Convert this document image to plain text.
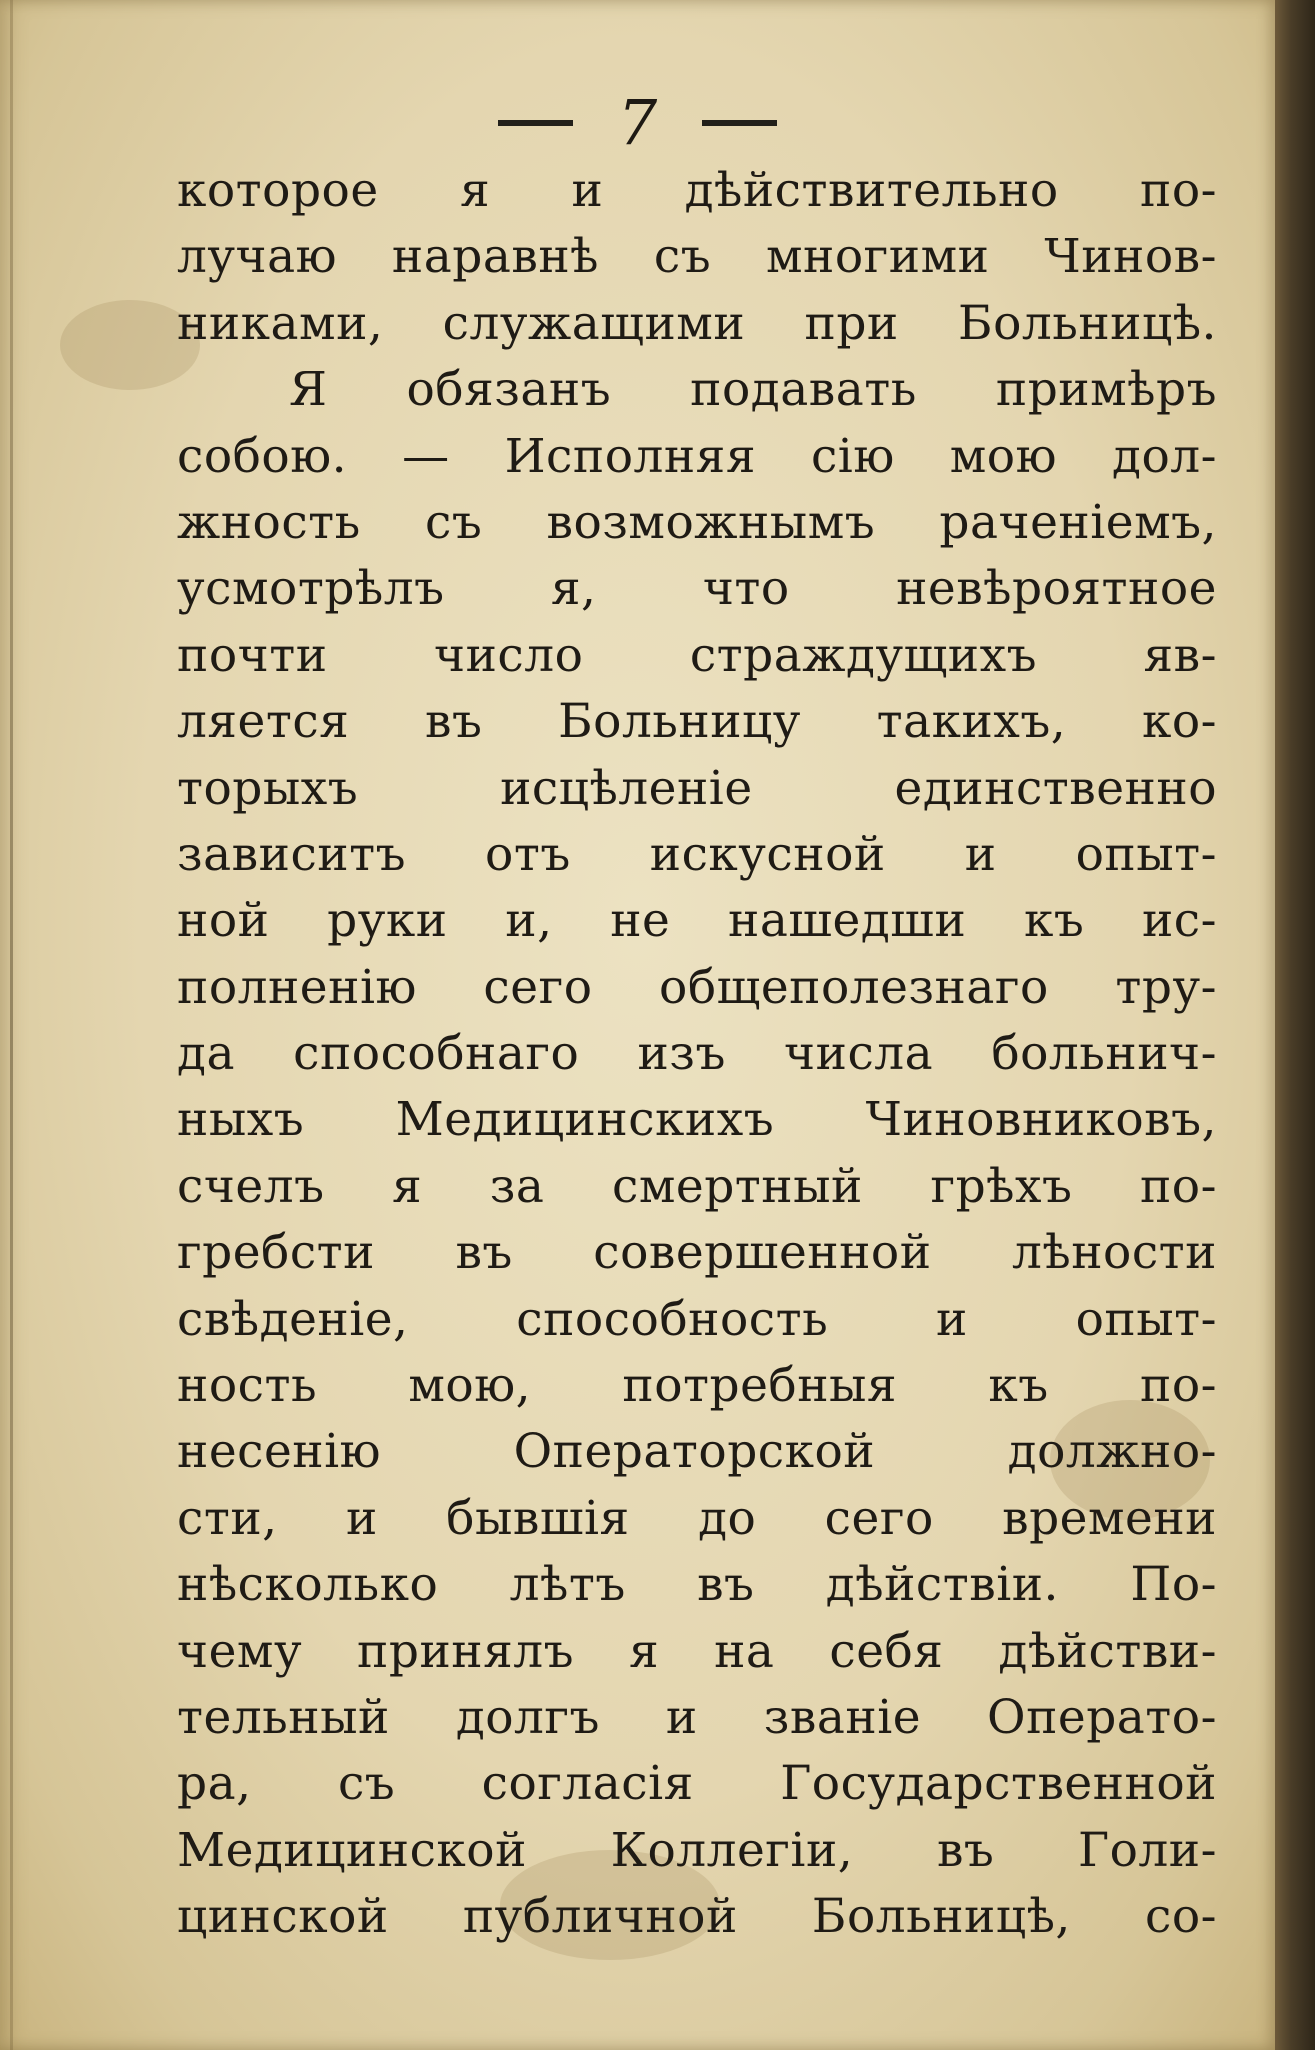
7
которое я и дѣйствительно по-
лучаю наравнѣ съ многими Чинов-
никами, служащими при Больницѣ.
Я обязанъ подавать примѣръ
собою. — Исполняя сiю мою дол-
жность съ возможнымъ раченiемъ,
усмотрѣлъ я, что невѣроятное
почти число страждущихъ яв-
ляется въ Больницу такихъ, ко-
торыхъ исцѣленiе единственно
зависитъ отъ искусной и опыт-
ной руки и, не нашедши къ ис-
полненiю сего общеполезнаго тру-
да способнаго изъ числа больнич-
ныхъ Медицинскихъ Чиновниковъ,
счелъ я за смертный грѣхъ по-
гребсти въ совершенной лѣности
свѣденiе, способность и опыт-
ность мою, потребныя къ по-
несенiю Операторской должно-
сти, и бывшiя до сего времени
нѣсколько лѣтъ въ дѣйствiи. По-
чему принялъ я на себя дѣйстви-
тельный долгъ и званiе Операто-
ра, съ согласiя Государственной
Медицинской Коллегiи, въ Голи-
цинской публичной Больницѣ, со-
